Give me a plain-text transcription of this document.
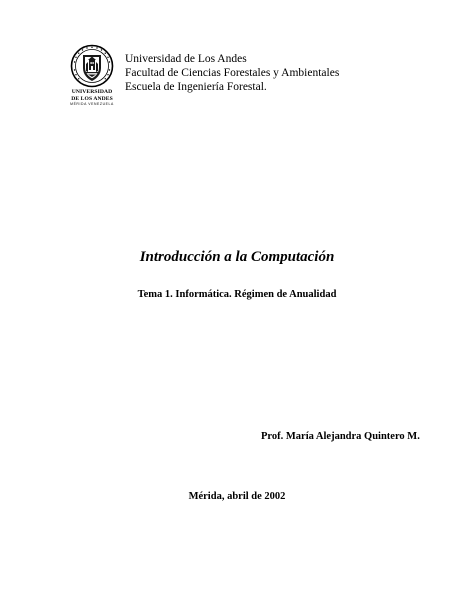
UNIVERSIDAD
DE LOS ANDES
MÉRIDA VENEZUELA
Universidad de Los Andes
Facultad de Ciencias Forestales y Ambientales
Escuela de Ingeniería Forestal.
Introducción a la Computación
Tema 1. Informática. Régimen de Anualidad
Prof. María Alejandra Quintero M.
Mérida, abril de 2002
